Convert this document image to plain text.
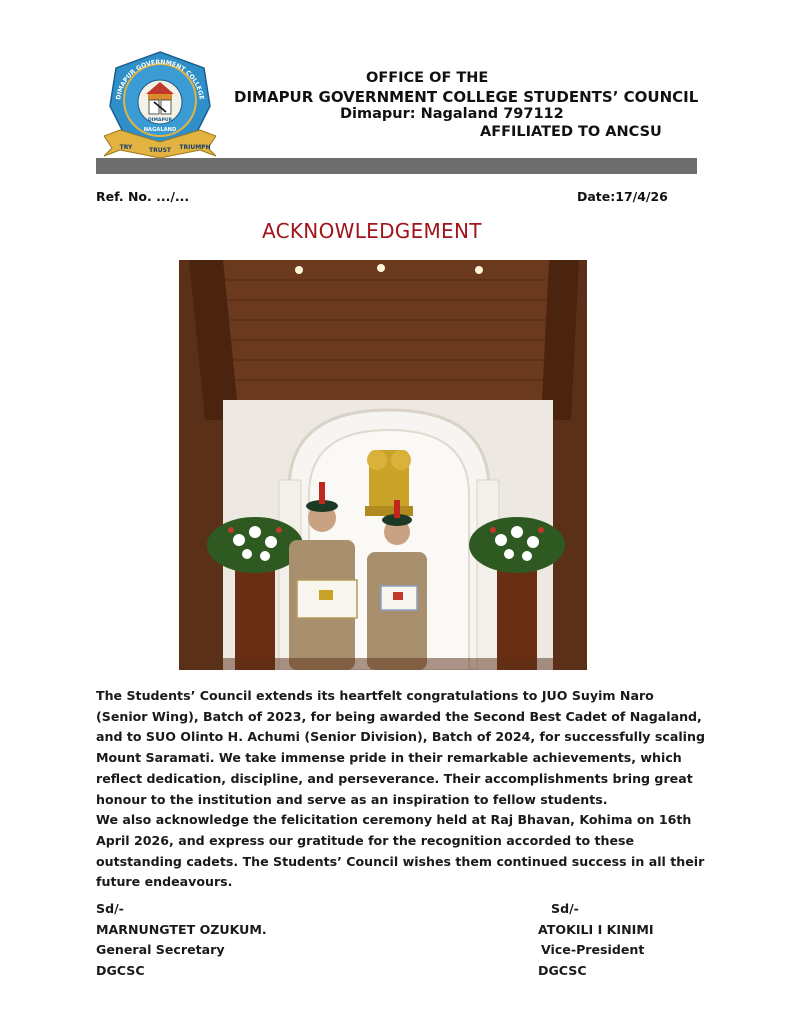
DIMAPUR GOVERNMENT COLLEGE
DIMAPUR
NAGALAND
TRY	TRUST TRIUMPH
OFFICE OF THE
DIMAPUR GOVERNMENT COLLEGE STUDENTS’ COUNCIL
Dimapur: Nagaland 797112
AFFILIATED TO ANCSU
Ref. No. .../...	Date:17/4/26
ACKNOWLEDGEMENT

The Students’ Council extends its heartfelt congratulations to JUO Suyim Naro (Senior Wing), Batch of 2023, for being awarded the Second Best Cadet of Nagaland, and to SUO Olinto H. Achumi (Senior Division), Batch of 2024, for successfully scaling Mount Saramati. We take immense pride in their remarkable achievements, which reflect dedication, discipline, and perseverance. Their accomplishments bring great honour to the institution and serve as an inspiration to fellow students.

We also acknowledge the felicitation ceremony held at Raj Bhavan, Kohima on 16th April 2026, and express our gratitude for the recognition accorded to these outstanding cadets. The Students’ Council wishes them continued success in all their future endeavours.

Sd/-
MARNUNGTET OZUKUM.
General Secretary
DGCSC
Sd/-
ATOKILI I KINIMI
Vice-President
DGCSC
